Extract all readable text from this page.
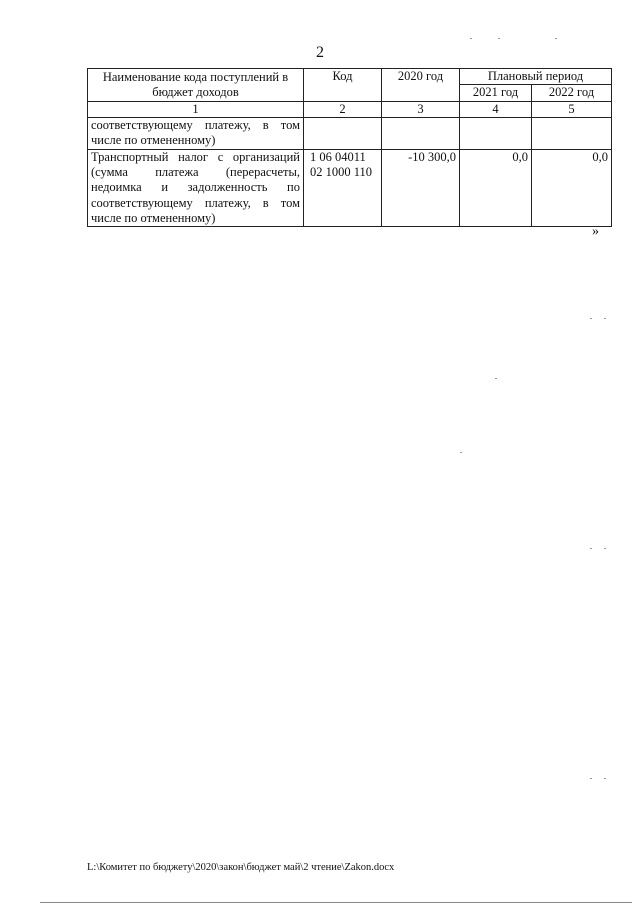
2
Наименование кода поступлений в бюджет доходов	Код	2020 год	Плановый период	
			2021 год	2022 год
1	2	3	4	5
соответствующему платежу, в том числе по отмененному)				
Транспортный налог с организаций (сумма платежа (перерасчеты, недоимка и задолженность по соответствующему платежу, в том числе по отмененному)	1 06 04011 02 1000 110	-10 300,0	0,0	0,0
»
L:\Комитет по бюджету\2020\закон\бюджет май\2 чтение\Zakon.docx
